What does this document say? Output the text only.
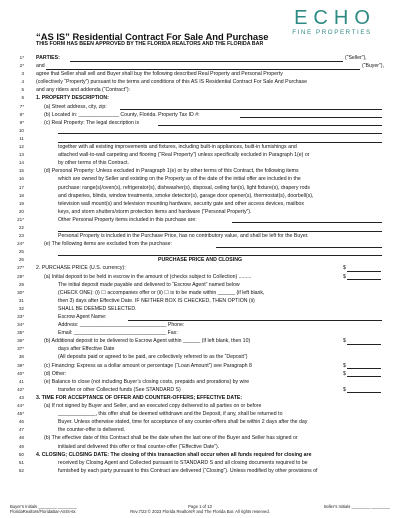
ECHO
FINE PROPERTIES
“AS IS” Residential Contract For Sale And Purchase
THIS FORM HAS BEEN APPROVED BY THE FLORIDA REALTORS AND THE FLORIDA BAR
1* PARTIES:	(“Seller”),
2* and	(“Buyer”),
3 agree that Seller shall sell and Buyer shall buy the following described Real Property and Personal Property
4 (collectively “Property”) pursuant to the terms and conditions of this AS IS Residential Contract For Sale And Purchase
5 and any riders and addenda (“Contract”):
6 1. PROPERTY DESCRIPTION:
7*	(a) Street address, city, zip:
8*	(b) Located in: ______________ County, Florida. Property Tax ID #:
9*	(c) Real Property: The legal description is
10
11
12	together with all existing improvements and fixtures, including built-in appliances, built-in furnishings and
13	attached wall-to-wall carpeting and flooring (“Real Property”) unless specifically excluded in Paragraph 1(e) or
14	by other terms of this Contract.
15	(d) Personal Property: Unless excluded in Paragraph 1(e) or by other terms of this Contract, the following items
16	which are owned by Seller and existing on the Property as of the date of the initial offer are included in the
17	purchase: range(s)/oven(s), refrigerator(s), dishwasher(s), disposal, ceiling fan(s), light fixture(s), drapery rods
18	and draperies, blinds, window treatments, smoke detector(s), garage door opener(s), thermostat(s), doorbell(s),
19	television wall mount(s) and television mounting hardware, security gate and other access devices, mailbox
20	keys, and storm shutters/storm protection items and hardware (“Personal Property”).
21*	Other Personal Property items included in this purchase are:
22
23	Personal Property is included in the Purchase Price, has no contributory value, and shall be left for the Buyer.
24*	(e) The following items are excluded from the purchase:
25
26	PURCHASE PRICE AND CLOSING
27* 2. PURCHASE PRICE (U.S. currency):	$
28*	(a) Initial deposit to be held in escrow in the amount of (checks subject to Collection) .........	$
29	The initial deposit made payable and delivered to “Escrow Agent” named below
30*	(CHECK ONE): (i) ☐ accompanies offer or (ii) ☐ is to be made within ______ (if left blank,
31	then 3) days after Effective Date. IF NEITHER BOX IS CHECKED, THEN OPTION (ii)
32	SHALL BE DEEMED SELECTED.
33*	Escrow Agent Name:
34*	Address: ______________________________ Phone:
35*	Email: ________________________________ Fax:
36*	(b) Additional deposit to be delivered to Escrow Agent within ______ (if left blank, then 10)	$
37*	days after Effective Date
38	(All deposits paid or agreed to be paid, are collectively referred to as the “Deposit”)
39*	(c) Financing: Express as a dollar amount or percentage (“Loan Amount”) see Paragraph 8	$
40*	(d) Other:	$
41	(e) Balance to close (not including Buyer’s closing costs, prepaids and prorations) by wire
42*	transfer or other Collected funds (See STANDARD S)	$
43 3. TIME FOR ACCEPTANCE OF OFFER AND COUNTER-OFFERS; EFFECTIVE DATE:
44*	(a) If not signed by Buyer and Seller, and an executed copy delivered to all parties on or before
45*	_____________, this offer shall be deemed withdrawn and the Deposit, if any, shall be returned to
46	Buyer. Unless otherwise stated, time for acceptance of any counter-offers shall be within 2 days after the day
47	the counter-offer is delivered.
48	(b) The effective date of this Contract shall be the date when the last one of the Buyer and Seller has signed or
49	initialed and delivered this offer or final counter-offer (“Effective Date”).
50 4. CLOSING; CLOSING DATE: The closing of this transaction shall occur when all funds required for closing are
51	received by Closing Agent and Collected pursuant to STANDARD S and all closing documents required to be
52	furnished by each party pursuant to this Contract are delivered (“Closing”). Unless modified by other provisions of
Buyer’s Initials ________ ________	Page 1 of 13	Seller’s Initials ________ ________
FloridaRealtors/FloridaBar-ASIS-6x	Rev.7/23 © 2023 Florida Realtors® and The Florida Bar. All rights reserved.
